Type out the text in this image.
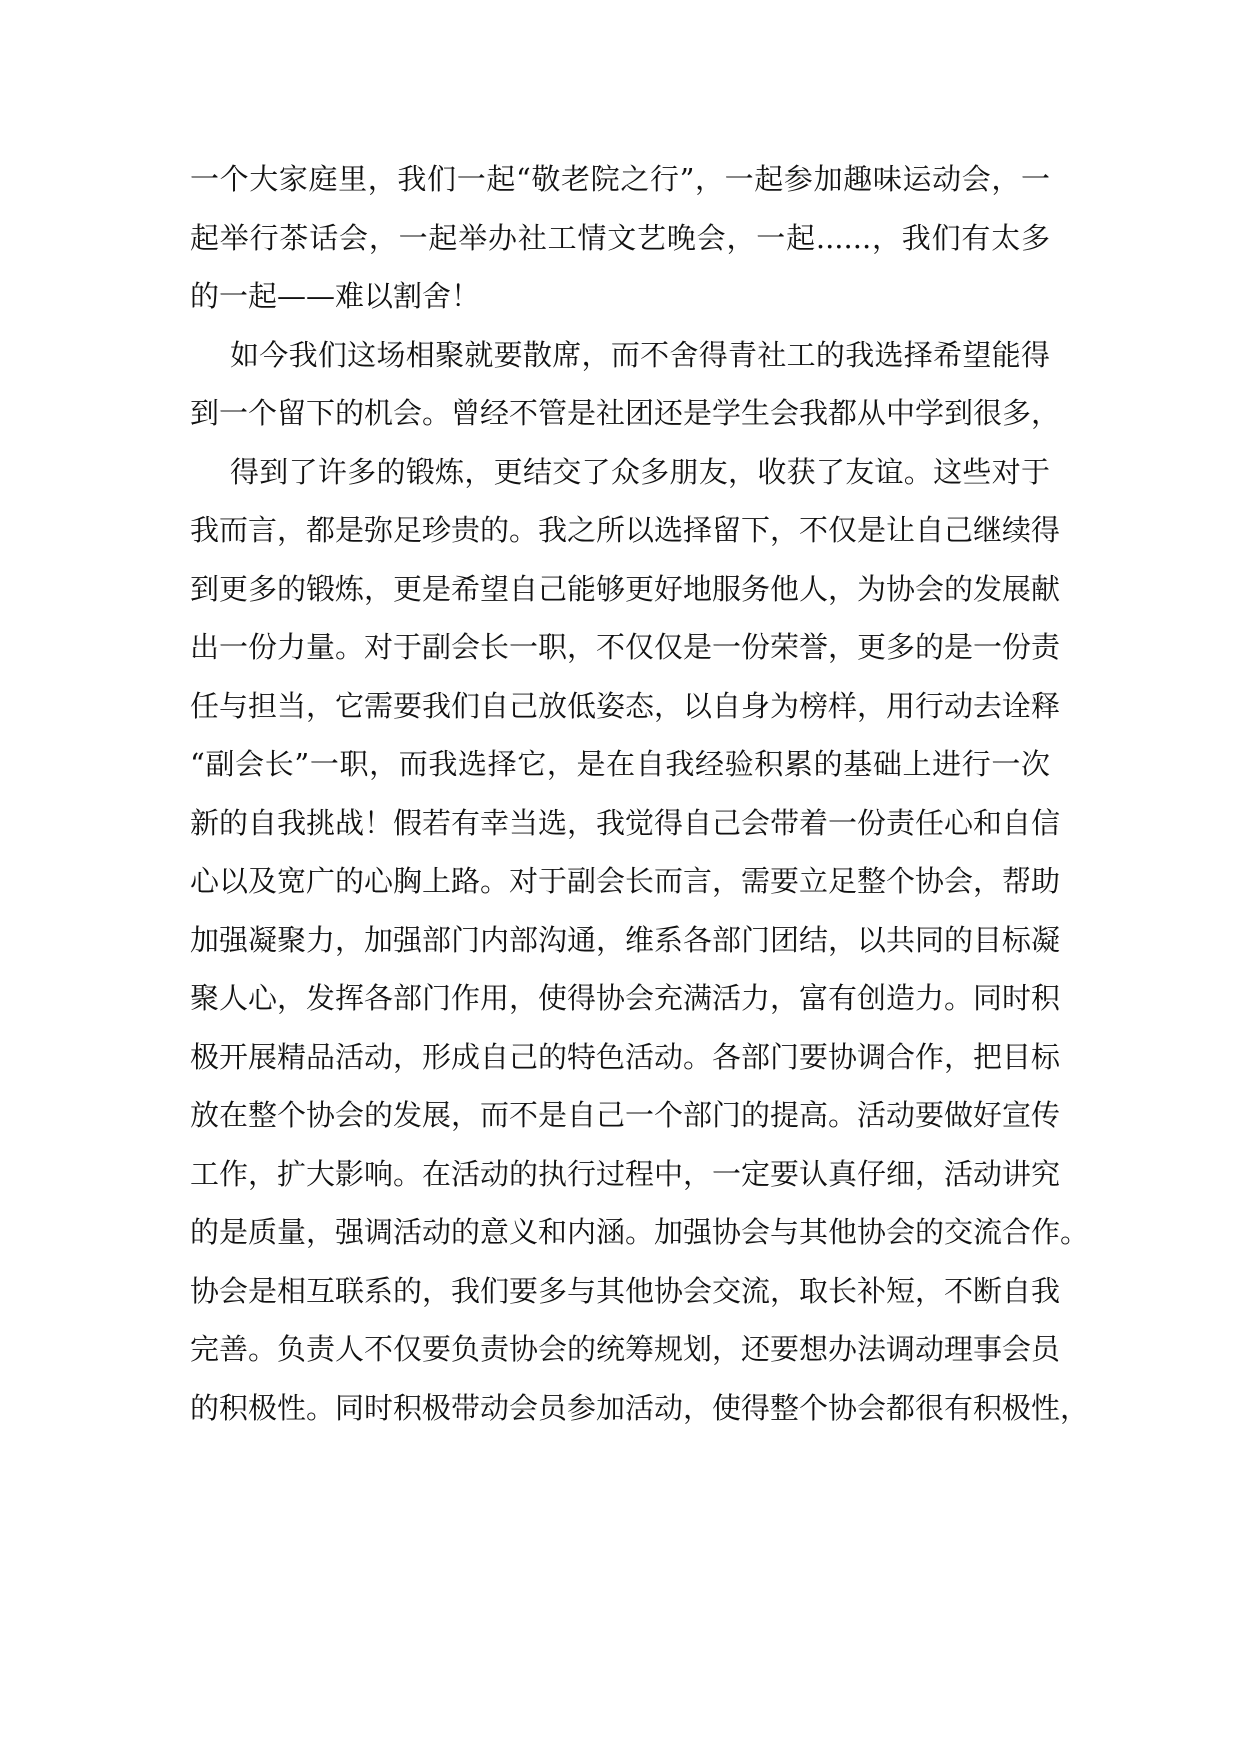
一个大家庭里，我们一起“敬老院之行”，一起参加趣味运动会，一
起举行茶话会，一起举办社工情文艺晚会，一起......，我们有太多
的一起——难以割舍！
如今我们这场相聚就要散席，而不舍得青社工的我选择希望能得
到一个留下的机会。曾经不管是社团还是学生会我都从中学到很多，
得到了许多的锻炼，更结交了众多朋友，收获了友谊。这些对于
我而言，都是弥足珍贵的。我之所以选择留下，不仅是让自己继续得
到更多的锻炼，更是希望自己能够更好地服务他人，为协会的发展献
出一份力量。对于副会长一职，不仅仅是一份荣誉，更多的是一份责
任与担当，它需要我们自己放低姿态，以自身为榜样，用行动去诠释
“副会长”一职，而我选择它，是在自我经验积累的基础上进行一次
新的自我挑战！假若有幸当选，我觉得自己会带着一份责任心和自信
心以及宽广的心胸上路。对于副会长而言，需要立足整个协会，帮助
加强凝聚力，加强部门内部沟通，维系各部门团结，以共同的目标凝
聚人心，发挥各部门作用，使得协会充满活力，富有创造力。同时积
极开展精品活动，形成自己的特色活动。各部门要协调合作，把目标
放在整个协会的发展，而不是自己一个部门的提高。活动要做好宣传
工作，扩大影响。在活动的执行过程中，一定要认真仔细，活动讲究
的是质量，强调活动的意义和内涵。加强协会与其他协会的交流合作。
协会是相互联系的，我们要多与其他协会交流，取长补短，不断自我
完善。负责人不仅要负责协会的统筹规划，还要想办法调动理事会员
的积极性。同时积极带动会员参加活动，使得整个协会都很有积极性，
